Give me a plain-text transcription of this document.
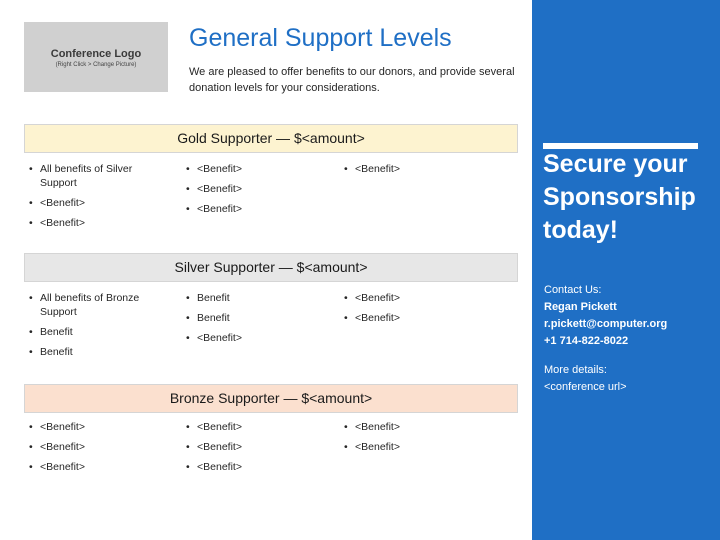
Conference Logo
(Right Click > Change Picture)
General Support Levels
We are pleased to offer benefits to our donors, and provide several donation levels for your considerations.
Gold Supporter — $<amount>
• All benefits of Silver Support
• <Benefit>
• <Benefit>
• <Benefit>
• <Benefit>
• <Benefit>
• <Benefit>
Silver Supporter — $<amount>
• All benefits of Bronze Support
• Benefit
• Benefit
• Benefit
• Benefit
• <Benefit>
• <Benefit>
• <Benefit>
Bronze Supporter — $<amount>
• <Benefit>
• <Benefit>
• <Benefit>
• <Benefit>
• <Benefit>
• <Benefit>
• <Benefit>
• <Benefit>
Secure your Sponsorship today!
Contact Us:
Regan Pickett
r.pickett@computer.org
+1 714-822-8022
More details:
<conference url>
